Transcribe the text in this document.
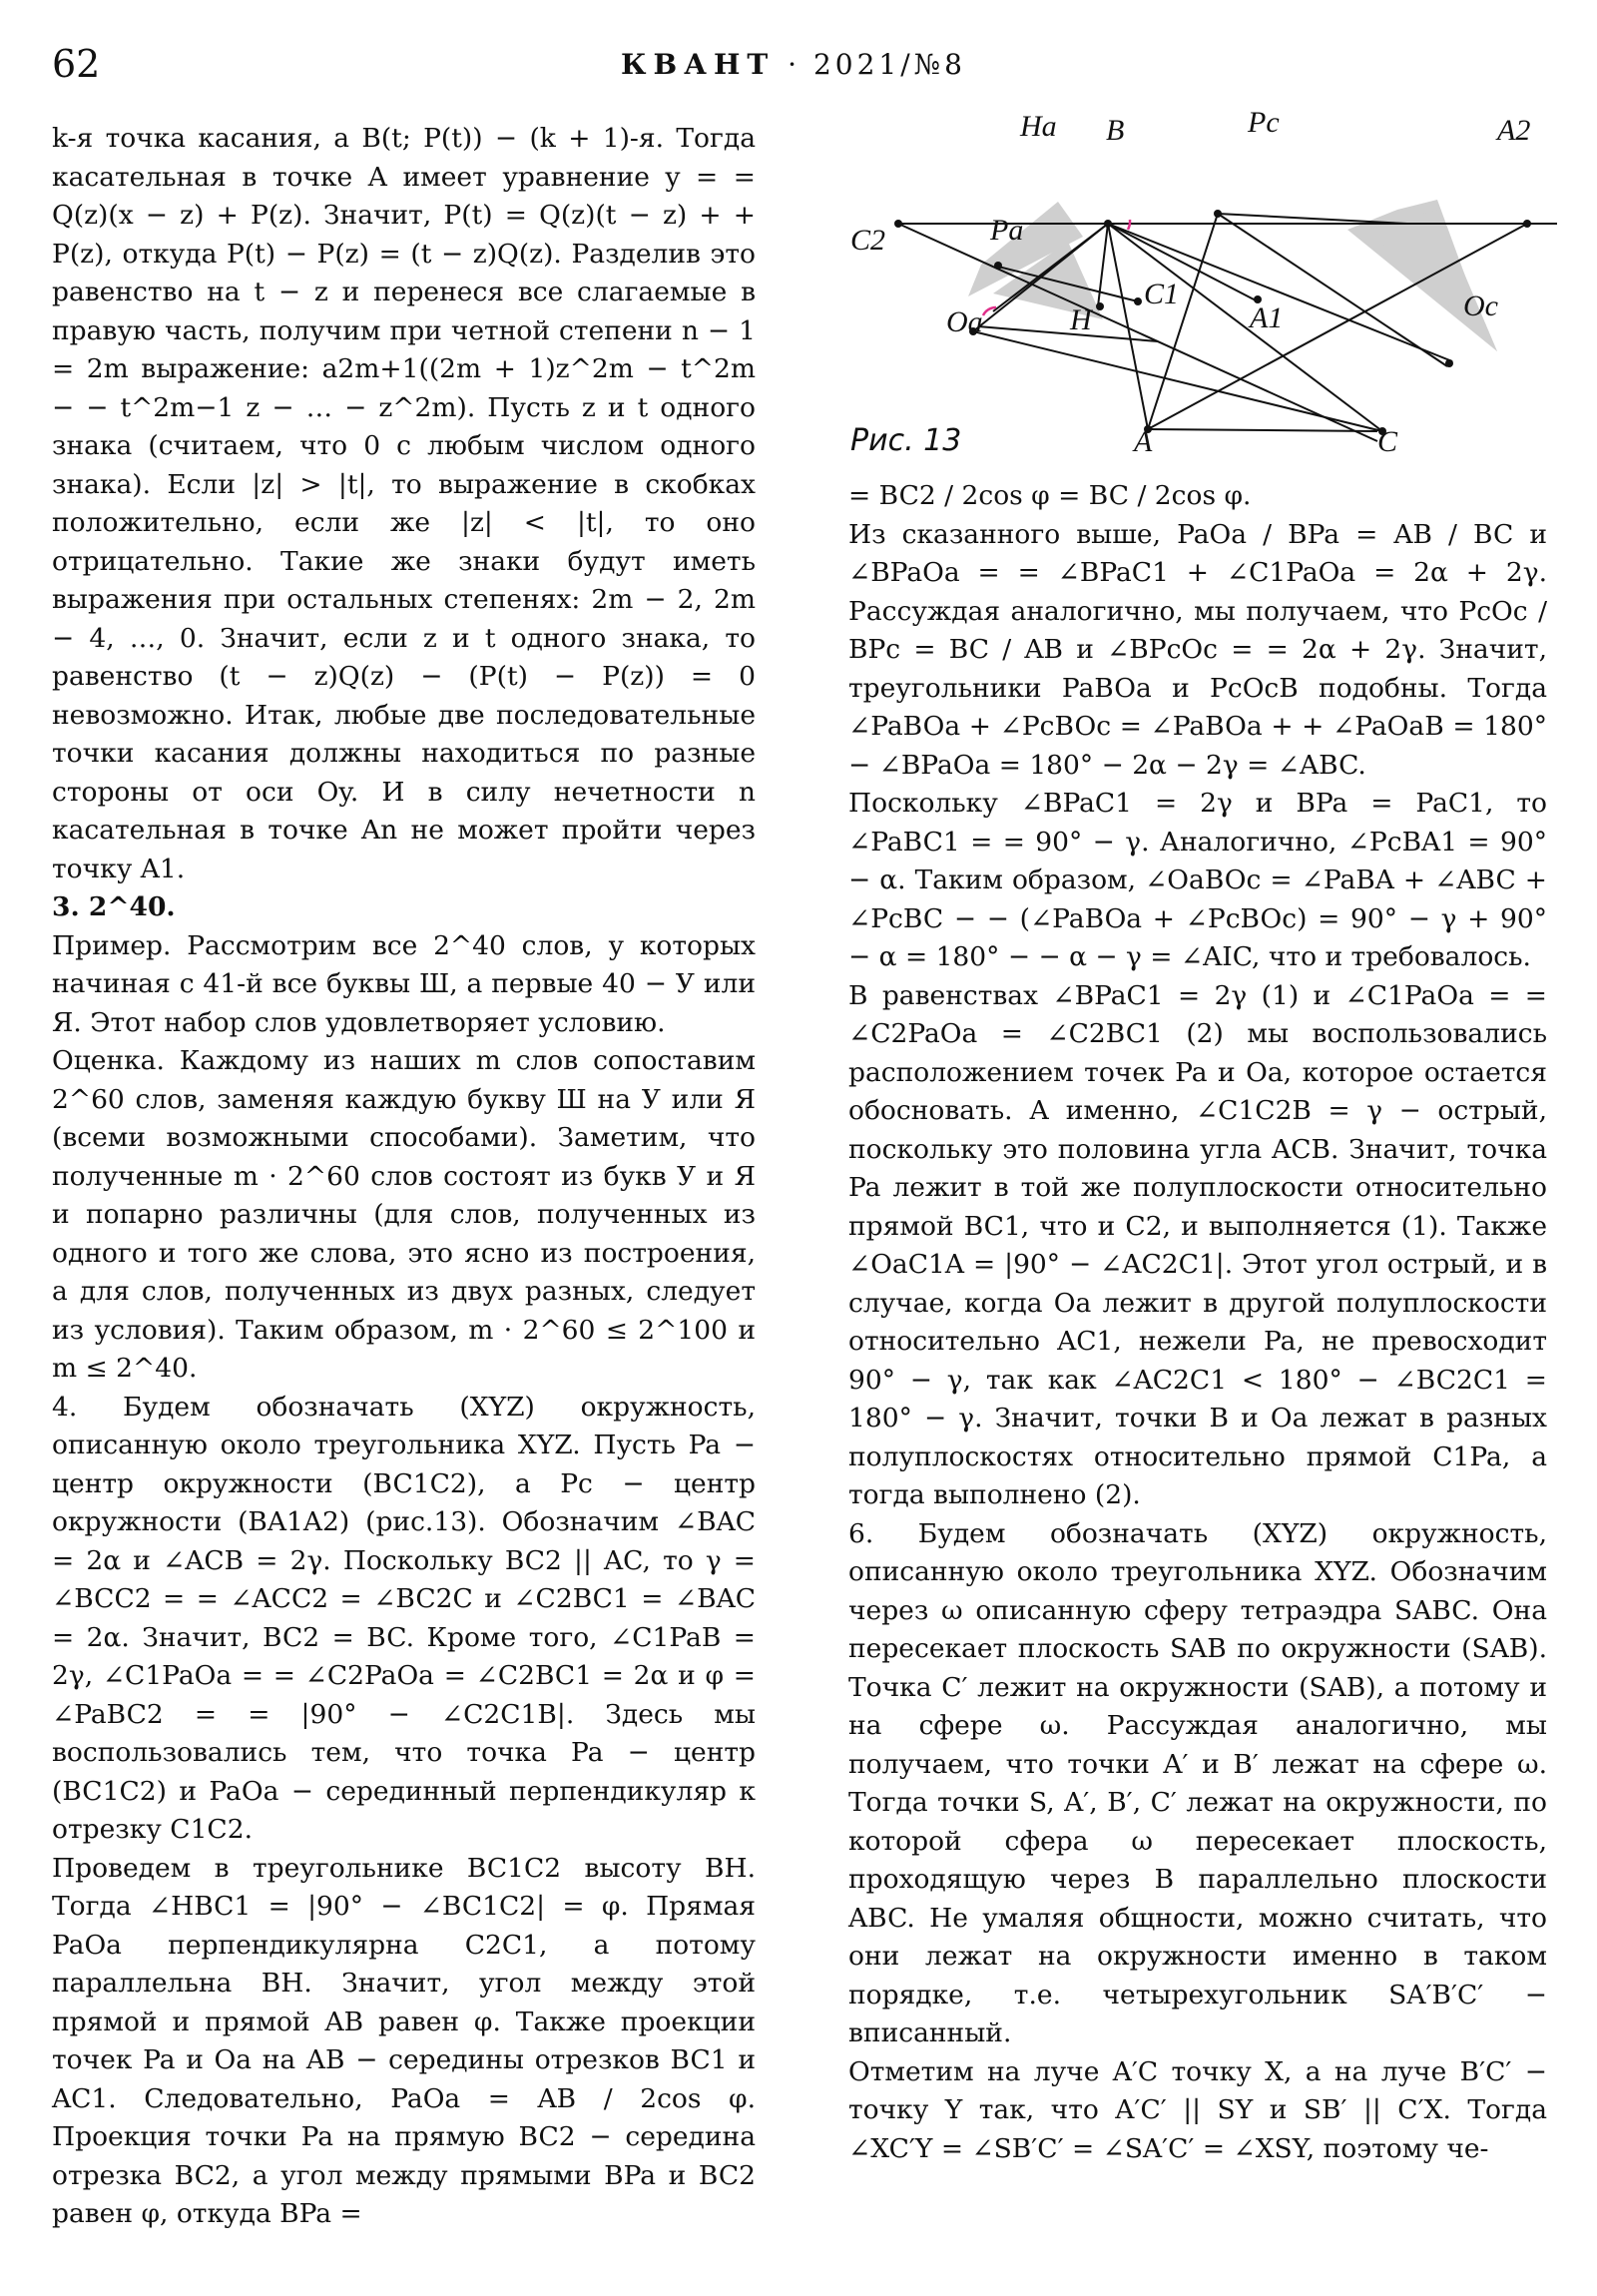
62	КВАНТ · 2021/№8

k-я точка касания, а B(t; P(t)) − (k + 1)-я. Тогда касательная в точке A имеет уравнение y = = Q(z)(x − z) + P(z). Значит, P(t) = Q(z)(t − z) + + P(z), откуда P(t) − P(z) = (t − z)Q(z). Разделив это равенство на t − z и перенеся все слагаемые в правую часть, получим при четной степени n − 1 = 2m выражение: a2m+1((2m + 1)z^2m − t^2m − − t^2m−1 z − … − z^2m). Пусть z и t одного знака (считаем, что 0 с любым числом одного знака). Если |z| > |t|, то выражение в скобках положительно, если же |z| < |t|, то оно отрицательно. Такие же знаки будут иметь выражения при остальных степенях: 2m − 2, 2m − 4, …, 0. Значит, если z и t одного знака, то равенство (t − z)Q(z) − (P(t) − P(z)) = 0 невозможно. Итак, любые две последовательные точки касания должны находиться по разные стороны от оси Oy. И в силу нечетности n касательная в точке An не может пройти через точку A1.

3. 2^40.

Пример. Рассмотрим все 2^40 слов, у которых начиная с 41-й все буквы Ш, а первые 40 − У или Я. Этот набор слов удовлетворяет условию.

Оценка. Каждому из наших m слов сопоставим 2^60 слов, заменяя каждую букву Ш на У или Я (всеми возможными способами). Заметим, что полученные m · 2^60 слов состоят из букв У и Я и попарно различны (для слов, полученных из одного и того же слова, это ясно из построения, а для слов, полученных из двух разных, следует из условия). Таким образом, m · 2^60 ≤ 2^100 и m ≤ 2^40.

4. Будем обозначать (XYZ) окружность, описанную около треугольника XYZ. Пусть Pa − центр окружности (BC1C2), а Pc − центр окружности (BA1A2) (рис.13). Обозначим ∠BAC = 2α и ∠ACB = 2γ. Поскольку BC2 || AC, то γ = ∠BCC2 = = ∠ACC2 = ∠BC2C и ∠C2BC1 = ∠BAC = 2α. Значит, BC2 = BC. Кроме того, ∠C1PaB = 2γ, ∠C1PaOa = = ∠C2PaOa = ∠C2BC1 = 2α и φ = ∠PaBC2 = = |90° − ∠C2C1B|. Здесь мы воспользовались тем, что точка Pa − центр (BC1C2) и PaOa − серединный перпендикуляр к отрезку C1C2.

Проведем в треугольнике BC1C2 высоту BH. Тогда ∠HBC1 = |90° − ∠BC1C2| = φ. Прямая PaOa перпендикулярна C2C1, а потому параллельна BH. Значит, угол между этой прямой и прямой AB равен φ. Также проекции точек Pa и Oa на AB − середины отрезков BC1 и AC1. Следовательно, PaOa = AB / 2cos φ. Проекция точки Pa на прямую BC2 − середина отрезка BC2, а угол между прямыми BPa и BC2 равен φ, откуда BPa =

Ha B	Pc	A2
C2	Pa
C1
H	A1	Oc
Oa
A	C
Рис. 13

= BC2 / 2cos φ = BC / 2cos φ.

Из сказанного выше, PaOa / BPa = AB / BC и ∠BPaOa = = ∠BPaC1 + ∠C1PaOa = 2α + 2γ. Рассуждая аналогично, мы получаем, что PcOc / BPc = BC / AB и ∠BPcOc = = 2α + 2γ. Значит, треугольники PaBOa и PcOcB подобны. Тогда ∠PaBOa + ∠PcBOc = ∠PaBOa + + ∠PaOaB = 180° − ∠BPaOa = 180° − 2α − 2γ = ∠ABC.

Поскольку ∠BPaC1 = 2γ и BPa = PaC1, то ∠PaBC1 = = 90° − γ. Аналогично, ∠PcBA1 = 90° − α. Таким образом, ∠OaBOc = ∠PaBA + ∠ABC + ∠PcBC − − (∠PaBOa + ∠PcBOc) = 90° − γ + 90° − α = 180° − − α − γ = ∠AIC, что и требовалось.

В равенствах ∠BPaC1 = 2γ (1) и ∠C1PaOa = = ∠C2PaOa = ∠C2BC1 (2) мы воспользовались расположением точек Pa и Oa, которое остается обосновать. А именно, ∠C1C2B = γ − острый, поскольку это половина угла ACB. Значит, точка Pa лежит в той же полуплоскости относительно прямой BC1, что и C2, и выполняется (1). Также ∠OaC1A = |90° − ∠AC2C1|. Этот угол острый, и в случае, когда Oa лежит в другой полуплоскости относительно AC1, нежели Pa, не превосходит 90° − γ, так как ∠AC2C1 < 180° − ∠BC2C1 = 180° − γ. Значит, точки B и Oa лежат в разных полуплоскостях относительно прямой C1Pa, а тогда выполнено (2).

6. Будем обозначать (XYZ) окружность, описанную около треугольника XYZ. Обозначим через ω описанную сферу тетраэдра SABC. Она пересекает плоскость SAB по окружности (SAB). Точка C′ лежит на окружности (SAB), а потому и на сфере ω. Рассуждая аналогично, мы получаем, что точки A′ и B′ лежат на сфере ω. Тогда точки S, A′, B′, C′ лежат на окружности, по которой сфера ω пересекает плоскость, проходящую через B параллельно плоскости ABC. Не умаляя общности, можно считать, что они лежат на окружности именно в таком порядке, т.е. четырехугольник SA′B′C′ − вписанный.

Отметим на луче A′C точку X, а на луче B′C′ − точку Y так, что A′C′ || SY и SB′ || C′X. Тогда ∠XC′Y = ∠SB′C′ = ∠SA′C′ = ∠XSY, поэтому че-
